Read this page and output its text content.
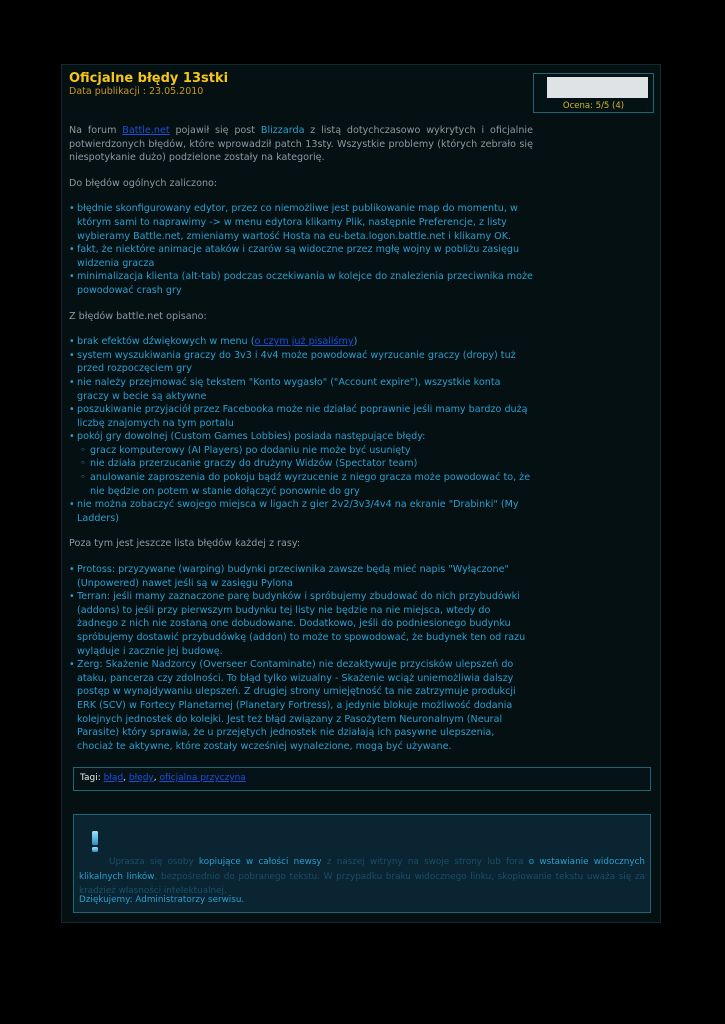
Oficjalne błędy 13stki
Data publikacji : 23.05.2010
Ocena: 5/5 (4)

Na forum Battle.net pojawił się post Blizzarda z listą dotychczasowo wykrytych i oficjalnie potwierdzonych błędów, które wprowadził patch 13sty. Wszystkie problemy (których zebrało się niespotykanie dużo) podzielone zostały na kategorię.

Do błędów ogólnych zaliczono:

• błędnie skonfigurowany edytor, przez co niemożliwe jest publikowanie map do momentu, w którym sami to naprawimy -> w menu edytora klikamy Plik, następnie Preferencje, z listy wybieramy Battle.net, zmieniamy wartość Hosta na eu-beta.logon.battle.net i klikamy OK.
• fakt, że niektóre animacje ataków i czarów są widoczne przez mgłę wojny w pobliżu zasięgu widzenia gracza
• minimalizacja klienta (alt-tab) podczas oczekiwania w kolejce do znalezienia przeciwnika może powodować crash gry

Z błędów battle.net opisano:

• brak efektów dźwiękowych w menu (o czym już pisaliśmy)
• system wyszukiwania graczy do 3v3 i 4v4 może powodować wyrzucanie graczy (dropy) tuż przed rozpoczęciem gry
• nie należy przejmować się tekstem "Konto wygasło" ("Account expire"), wszystkie konta graczy w becie są aktywne
• poszukiwanie przyjaciół przez Facebooka może nie działać poprawnie jeśli mamy bardzo dużą liczbę znajomych na tym portalu
• pokój gry dowolnej (Custom Games Lobbies) posiada następujące błędy:
◦ gracz komputerowy (AI Players) po dodaniu nie może być usunięty
◦ nie działa przerzucanie graczy do drużyny Widzów (Spectator team)
◦ anulowanie zaproszenia do pokoju bądź wyrzucenie z niego gracza może powodować to, że nie będzie on potem w stanie dołączyć ponownie do gry
• nie można zobaczyć swojego miejsca w ligach z gier 2v2/3v3/4v4 na ekranie "Drabinki" (My Ladders)

Poza tym jest jeszcze lista błędów każdej z rasy:

• Protoss: przyzywane (warping) budynki przeciwnika zawsze będą mieć napis "Wyłączone" (Unpowered) nawet jeśli są w zasięgu Pylona
• Terran: jeśli mamy zaznaczone parę budynków i spróbujemy zbudować do nich przybudówki (addons) to jeśli przy pierwszym budynku tej listy nie będzie na nie miejsca, wtedy do żadnego z nich nie zostaną one dobudowane. Dodatkowo, jeśli do podniesionego budynku spróbujemy dostawić przybudówkę (addon) to może to spowodować, że budynek ten od razu wyląduje i zacznie jej budowę.
• Zerg: Skażenie Nadzorcy (Overseer Contaminate) nie dezaktywuje przycisków ulepszeń do ataku, pancerza czy zdolności. To błąd tylko wizualny - Skażenie wciąż uniemożliwia dalszy postęp w wynajdywaniu ulepszeń. Z drugiej strony umiejętność ta nie zatrzymuje produkcji ERK (SCV) w Fortecy Planetarnej (Planetary Fortress), a jedynie blokuje możliwość dodania kolejnych jednostek do kolejki. Jest też błąd związany z Pasożytem Neuronalnym (Neural Parasite) który sprawia, że u przejętych jednostek nie działają ich pasywne ulepszenia, chociaż te aktywne, które zostały wcześniej wynalezione, mogą być używane.
Tagi: błąd, błędy, oficjalna przyczyna
Uprasza się osoby kopiujące w całości newsy z naszej witryny na swoje strony lub fora o wstawianie widocznych klikalnych linków, bezpośrednio do pobranego tekstu. W przypadku braku widocznego linku, skopiowanie tekstu uważa się za kradzież własności intelektualnej.
Dziękujemy: Administratorzy serwisu.
